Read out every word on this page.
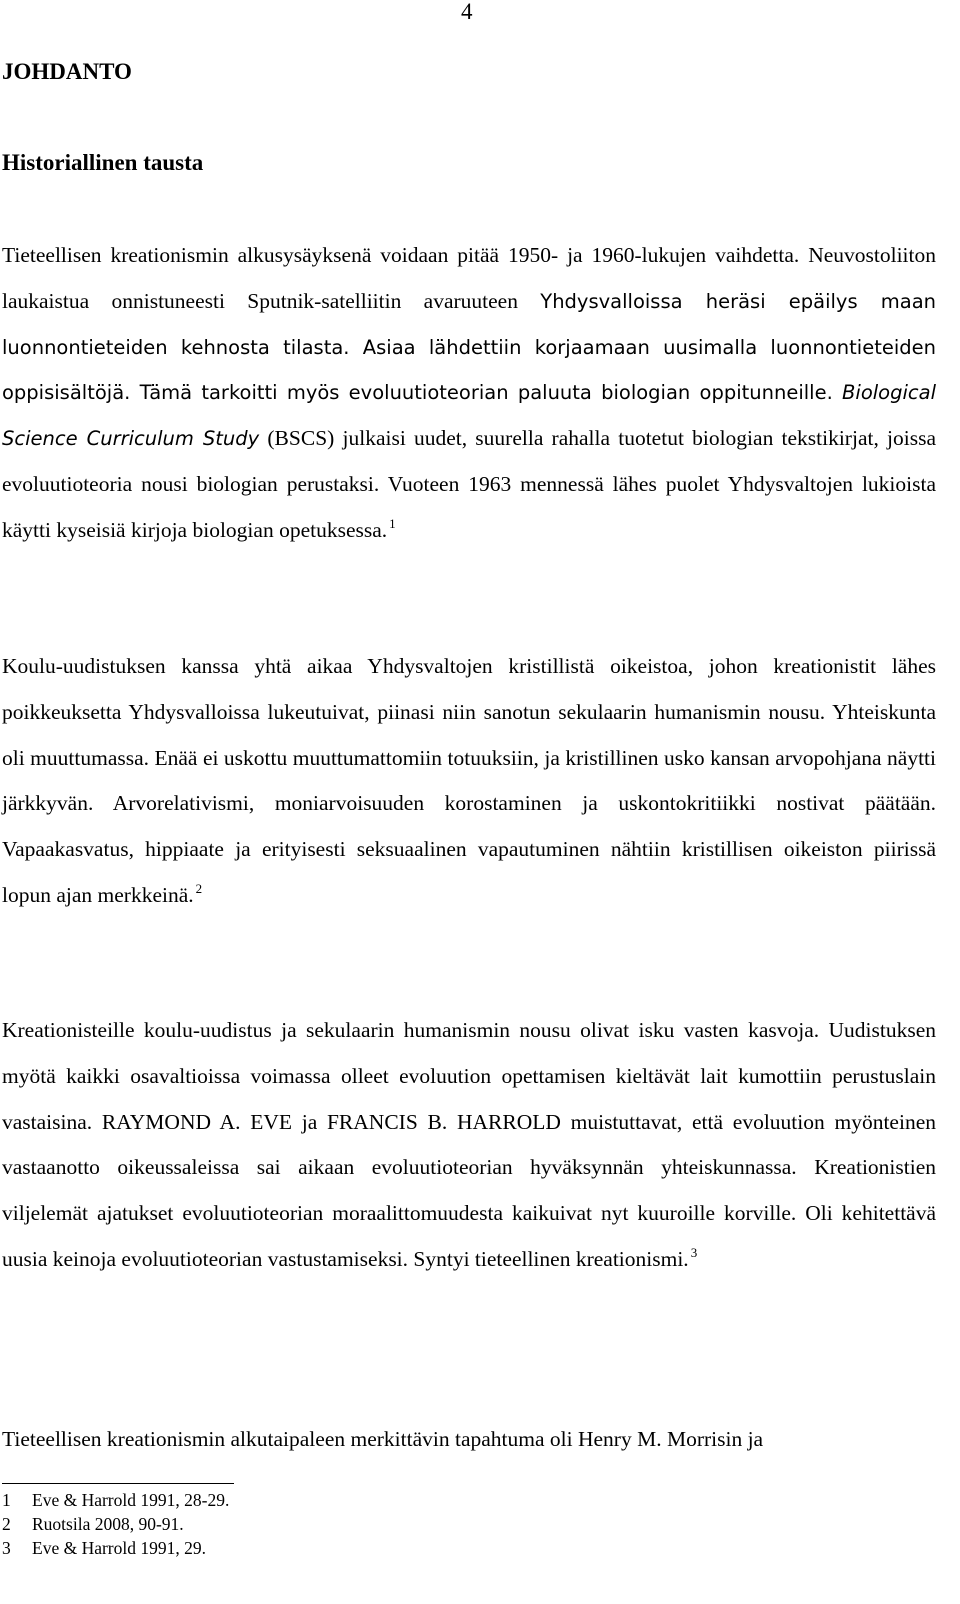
4
JOHDANTO
Historiallinen tausta

Tieteellisen kreationismin alkusysäyksenä voidaan pitää 1950- ja 1960-lukujen vaihdetta. Neuvostoliiton laukaistua onnistuneesti Sputnik-satelliitin avaruuteen Yhdysvalloissa heräsi epäilys maan luonnontieteiden kehnosta tilasta. Asiaa lähdettiin korjaamaan uusimalla luonnontieteiden oppisisältöjä. Tämä tarkoitti myös evoluutioteorian paluuta biologian oppitunneille. Biological Science Curriculum Study (BSCS) julkaisi uudet, suurella rahalla tuotetut biologian tekstikirjat, joissa evoluutioteoria nousi biologian perustaksi. Vuoteen 1963 mennessä lähes puolet Yhdysvaltojen lukioista käytti kyseisiä kirjoja biologian opetuksessa. $^1$

Koulu-uudistuksen kanssa yhtä aikaa Yhdysvaltojen kristillistä oikeistoa, johon kreationistit lähes poikkeuksetta Yhdysvalloissa lukeutuivat, piinasi niin sanotun sekulaarin humanismin nousu. Yhteiskunta oli muuttumassa. Enää ei uskottu muuttumattomiin totuuksiin, ja kristillinen usko kansan arvopohjana näytti järkkyvän. Arvorelativismi, moniarvoisuuden korostaminen ja uskontokritiikki nostivat päätään. Vapaakasvatus, hippiaate ja erityisesti seksuaalinen vapautuminen nähtiin kristillisen oikeiston piirissä lopun ajan merkkeinä. $^2$

Kreationisteille koulu-uudistus ja sekulaarin humanismin nousu olivat isku vasten kasvoja. Uudistuksen myötä kaikki osavaltioissa voimassa olleet evoluution opettamisen kieltävät lait kumottiin perustuslain vastaisina. RAYMOND A. EVE ja FRANCIS B. HARROLD muistuttavat, että evoluution myönteinen vastaanotto oikeussaleissa sai aikaan evoluutioteorian hyväksynnän yhteiskunnassa. Kreationistien viljelemät ajatukset evoluutioteorian moraalittomuudesta kaikuivat nyt kuuroille korville. Oli kehitettävä uusia keinoja evoluutioteorian vastustamiseksi. Syntyi tieteellinen kreationismi. $^3$

Tieteellisen kreationismin alkutaipaleen merkittävin tapahtuma oli Henry M. Morrisin ja

1 Eve & Harrold 1991, 28-29.
2 Ruotsila 2008, 90-91.
3 Eve & Harrold 1991, 29.
